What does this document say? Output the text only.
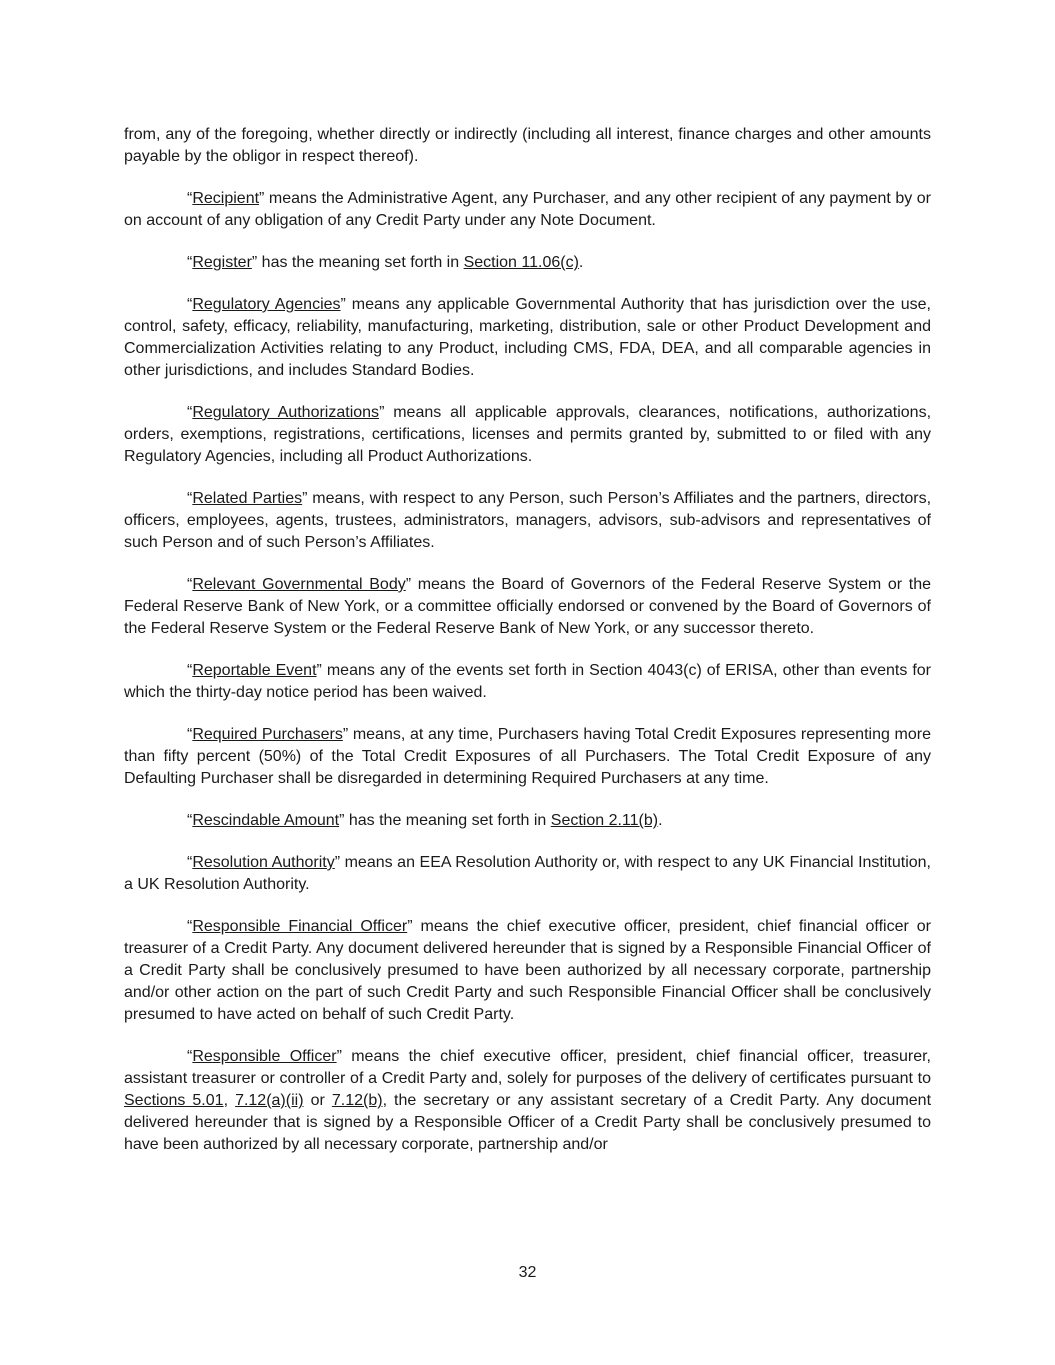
from, any of the foregoing, whether directly or indirectly (including all interest, finance charges and other amounts payable by the obligor in respect thereof).

“Recipient” means the Administrative Agent, any Purchaser, and any other recipient of any payment by or on account of any obligation of any Credit Party under any Note Document.

“Register” has the meaning set forth in Section 11.06(c).

“Regulatory Agencies” means any applicable Governmental Authority that has jurisdiction over the use, control, safety, efficacy, reliability, manufacturing, marketing, distribution, sale or other Product Development and Commercialization Activities relating to any Product, including CMS, FDA, DEA, and all comparable agencies in other jurisdictions, and includes Standard Bodies.

“Regulatory Authorizations” means all applicable approvals, clearances, notifications, authorizations, orders, exemptions, registrations, certifications, licenses and permits granted by, submitted to or filed with any Regulatory Agencies, including all Product Authorizations.

“Related Parties” means, with respect to any Person, such Person’s Affiliates and the partners, directors, officers, employees, agents, trustees, administrators, managers, advisors, sub-advisors and representatives of such Person and of such Person’s Affiliates.

“Relevant Governmental Body” means the Board of Governors of the Federal Reserve System or the Federal Reserve Bank of New York, or a committee officially endorsed or convened by the Board of Governors of the Federal Reserve System or the Federal Reserve Bank of New York, or any successor thereto.

“Reportable Event” means any of the events set forth in Section 4043(c) of ERISA, other than events for which the thirty-day notice period has been waived.

“Required Purchasers” means, at any time, Purchasers having Total Credit Exposures representing more than fifty percent (50%) of the Total Credit Exposures of all Purchasers. The Total Credit Exposure of any Defaulting Purchaser shall be disregarded in determining Required Purchasers at any time.

“Rescindable Amount” has the meaning set forth in Section 2.11(b).

“Resolution Authority” means an EEA Resolution Authority or, with respect to any UK Financial Institution, a UK Resolution Authority.

“Responsible Financial Officer” means the chief executive officer, president, chief financial officer or treasurer of a Credit Party. Any document delivered hereunder that is signed by a Responsible Financial Officer of a Credit Party shall be conclusively presumed to have been authorized by all necessary corporate, partnership and/or other action on the part of such Credit Party and such Responsible Financial Officer shall be conclusively presumed to have acted on behalf of such Credit Party.

“Responsible Officer” means the chief executive officer, president, chief financial officer, treasurer, assistant treasurer or controller of a Credit Party and, solely for purposes of the delivery of certificates pursuant to Sections 5.01, 7.12(a)(ii) or 7.12(b), the secretary or any assistant secretary of a Credit Party. Any document delivered hereunder that is signed by a Responsible Officer of a Credit Party shall be conclusively presumed to have been authorized by all necessary corporate, partnership and/or

32
